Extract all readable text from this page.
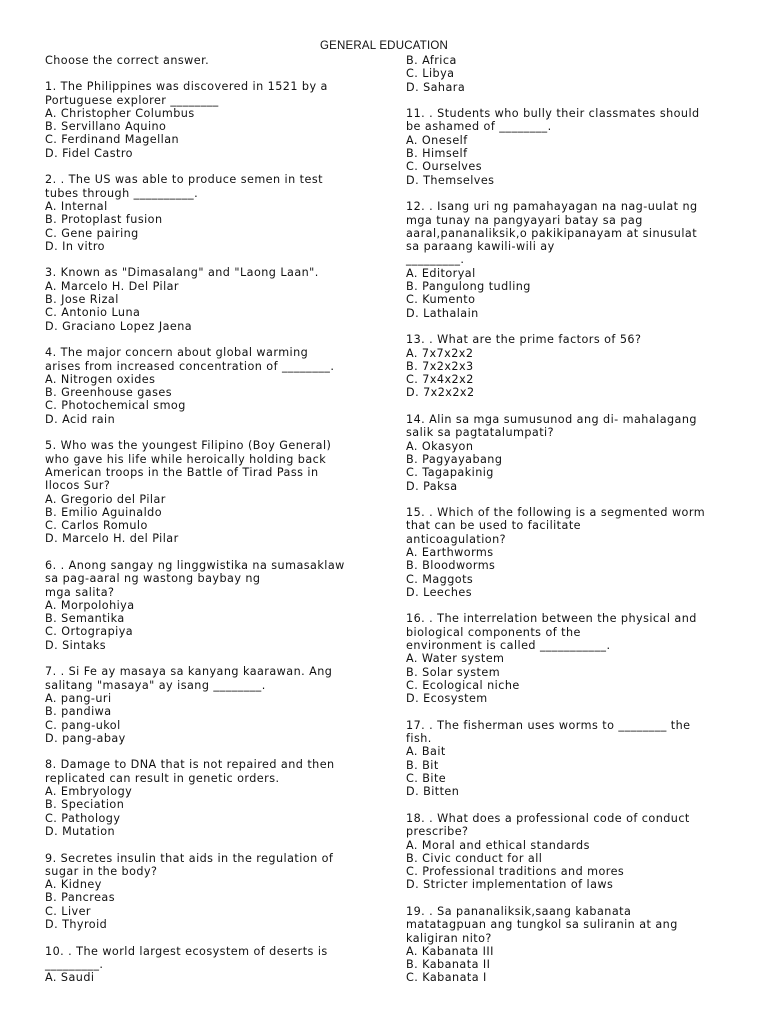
GENERAL EDUCATION
Choose the correct answer.
1. The Philippines was discovered in 1521 by a
Portuguese explorer ________
A. Christopher Columbus
B. Servillano Aquino
C. Ferdinand Magellan
D. Fidel Castro
2. . The US was able to produce semen in test
tubes through __________.
A. Internal
B. Protoplast fusion
C. Gene pairing
D. In vitro
3. Known as "Dimasalang" and "Laong Laan".
A. Marcelo H. Del Pilar
B. Jose Rizal
C. Antonio Luna
D. Graciano Lopez Jaena
4. The major concern about global warming
arises from increased concentration of ________.
A. Nitrogen oxides
B. Greenhouse gases
C. Photochemical smog
D. Acid rain
5. Who was the youngest Filipino (Boy General)
who gave his life while heroically holding back
American troops in the Battle of Tirad Pass in
Ilocos Sur?
A. Gregorio del Pilar
B. Emilio Aguinaldo
C. Carlos Romulo
D. Marcelo H. del Pilar
6. . Anong sangay ng linggwistika na sumasaklaw
sa pag-aaral ng wastong baybay ng
mga salita?
A. Morpolohiya
B. Semantika
C. Ortograpiya
D. Sintaks
7. . Si Fe ay masaya sa kanyang kaarawan. Ang
salitang "masaya" ay isang ________.
A. pang-uri
B. pandiwa
C. pang-ukol
D. pang-abay
8. Damage to DNA that is not repaired and then
replicated can result in genetic orders.
A. Embryology
B. Speciation
C. Pathology
D. Mutation
9. Secretes insulin that aids in the regulation of
sugar in the body?
A. Kidney
B. Pancreas
C. Liver
D. Thyroid
10. . The world largest ecosystem of deserts is
_________.
A. Saudi
B. Africa
C. Libya
D. Sahara
11. . Students who bully their classmates should
be ashamed of ________.
A. Oneself
B. Himself
C. Ourselves
D. Themselves
12. . Isang uri ng pamahayagan na nag-uulat ng
mga tunay na pangyayari batay sa pag
aaral,pananaliksik,o pakikipanayam at sinusulat
sa paraang kawili-wili ay
_________.
A. Editoryal
B. Pangulong tudling
C. Kumento
D. Lathalain
13. . What are the prime factors of 56?
A. 7x7x2x2
B. 7x2x2x3
C. 7x4x2x2
D. 7x2x2x2
14. Alin sa mga sumusunod ang di- mahalagang
salik sa pagtatalumpati?
A. Okasyon
B. Pagyayabang
C. Tagapakinig
D. Paksa
15. . Which of the following is a segmented worm
that can be used to facilitate
anticoagulation?
A. Earthworms
B. Bloodworms
C. Maggots
D. Leeches
16. . The interrelation between the physical and
biological components of the
environment is called ___________.
A. Water system
B. Solar system
C. Ecological niche
D. Ecosystem
17. . The fisherman uses worms to ________ the
fish.
A. Bait
B. Bit
C. Bite
D. Bitten
18. . What does a professional code of conduct
prescribe?
A. Moral and ethical standards
B. Civic conduct for all
C. Professional traditions and mores
D. Stricter implementation of laws
19. . Sa pananaliksik,saang kabanata
matatagpuan ang tungkol sa suliranin at ang
kaligiran nito?
A. Kabanata III
B. Kabanata II
C. Kabanata I
